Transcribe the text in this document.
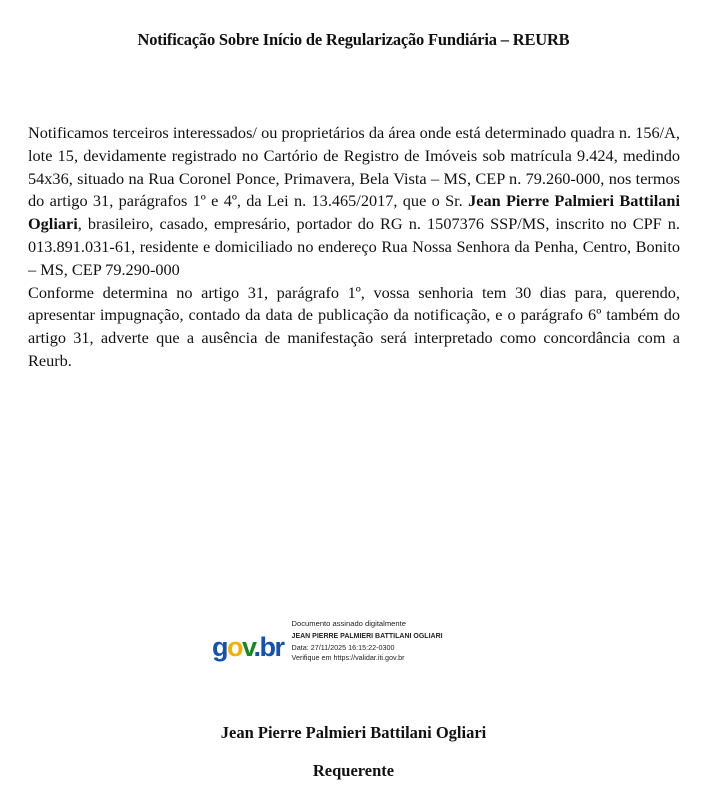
Notificação Sobre Início de Regularização Fundiária – REURB

Notificamos terceiros interessados/ ou proprietários da área onde está determinado quadra n. 156/A, lote 15, devidamente registrado no Cartório de Registro de Imóveis sob matrícula 9.424, medindo 54x36, situado na Rua Coronel Ponce, Primavera, Bela Vista – MS, CEP n. 79.260-000, nos termos do artigo 31, parágrafos 1º e 4º, da Lei n. 13.465/2017, que o Sr. Jean Pierre Palmieri Battilani Ogliari, brasileiro, casado, empresário, portador do RG n. 1507376 SSP/MS, inscrito no CPF n. 013.891.031-61, residente e domiciliado no endereço Rua Nossa Senhora da Penha, Centro, Bonito – MS, CEP 79.290-000

Conforme determina no artigo 31, parágrafo 1º, vossa senhoria tem 30 dias para, querendo, apresentar impugnação, contado da data de publicação da notificação, e o parágrafo 6º também do artigo 31, adverte que a ausência de manifestação será interpretado como concordância com a Reurb.

gov.br
Documento assinado digitalmente
JEAN PIERRE PALMIERI BATTILANI OGLIARI
Data: 27/11/2025 16:15:22-0300
Verifique em https://validar.iti.gov.br

Jean Pierre Palmieri Battilani Ogliari

Requerente
